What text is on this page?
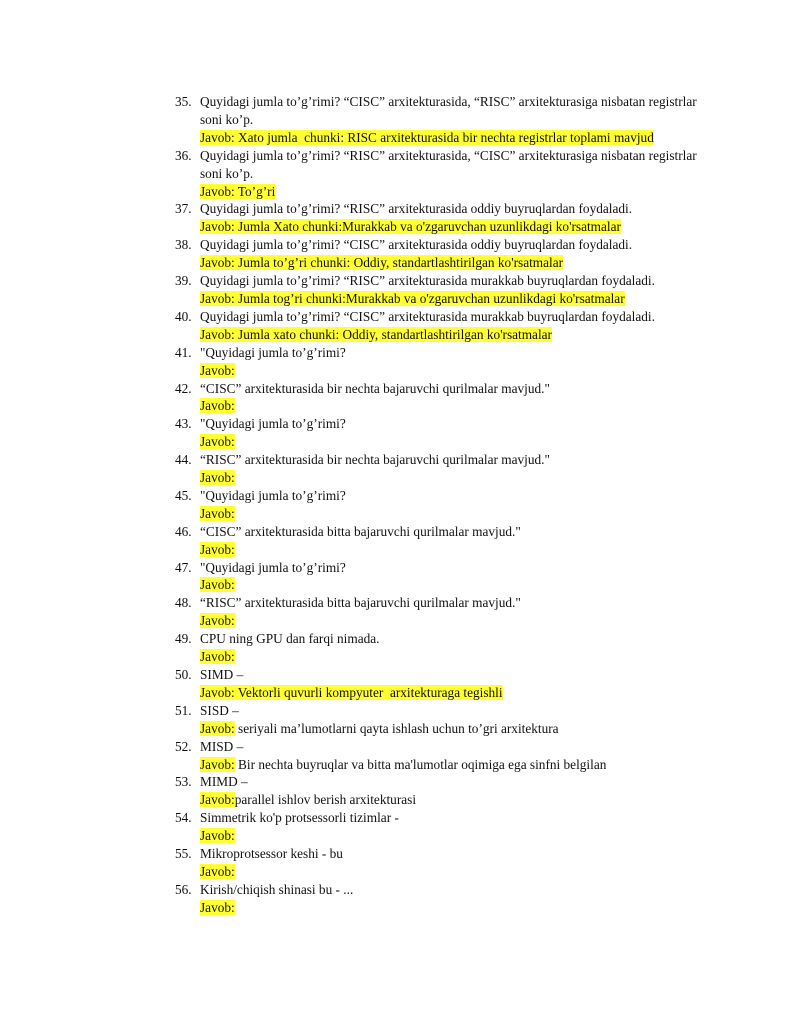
35. Quyidagi jumla to’g’rimi? “CISC” arxitekturasida, “RISC” arxitekturasiga nisbatan registrlar soni ko’p.
Javob: Xato jumla  chunki: RISC arxitekturasida bir nechta registrlar toplami mavjud
36. Quyidagi jumla to’g’rimi? “RISC” arxitekturasida, “CISC” arxitekturasiga nisbatan registrlar soni ko’p.
Javob: To’g’ri
37. Quyidagi jumla to’g’rimi? “RISC” arxitekturasida oddiy buyruqlardan foydaladi.
Javob: Jumla Xato chunki:Murakkab va o'zgaruvchan uzunlikdagi ko'rsatmalar
38. Quyidagi jumla to’g’rimi? “CISC” arxitekturasida oddiy buyruqlardan foydaladi.
Javob: Jumla to’g’ri chunki: Oddiy, standartlashtirilgan ko'rsatmalar
39. Quyidagi jumla to’g’rimi? “RISC” arxitekturasida murakkab buyruqlardan foydaladi.
Javob: Jumla tog’ri chunki:Murakkab va o'zgaruvchan uzunlikdagi ko'rsatmalar
40. Quyidagi jumla to’g’rimi? “CISC” arxitekturasida murakkab buyruqlardan foydaladi.
Javob: Jumla xato chunki: Oddiy, standartlashtirilgan ko'rsatmalar
41. "Quyidagi jumla to’g’rimi?
Javob:
42. “CISC” arxitekturasida bir nechta bajaruvchi qurilmalar mavjud."
Javob:
43. "Quyidagi jumla to’g’rimi?
Javob:
44. “RISC” arxitekturasida bir nechta bajaruvchi qurilmalar mavjud."
Javob:
45. "Quyidagi jumla to’g’rimi?
Javob:
46. “CISC” arxitekturasida bitta bajaruvchi qurilmalar mavjud."
Javob:
47. "Quyidagi jumla to’g’rimi?
Javob:
48. “RISC” arxitekturasida bitta bajaruvchi qurilmalar mavjud."
Javob:
49. CPU ning GPU dan farqi nimada.
Javob:
50. SIMD –
Javob: Vektorli quvurli kompyuter  arxitekturaga tegishli
51. SISD –
Javob: seriyali ma’lumotlarni qayta ishlash uchun to’gri arxitektura
52. MISD –
Javob: Bir nechta buyruqlar va bitta ma'lumotlar oqimiga ega sinfni belgilan
53. MIMD –
Javob:parallel ishlov berish arxitekturasi
54. Simmetrik ko'p protsessorli tizimlar -
Javob:
55. Mikroprotsessor keshi - bu
Javob:
56. Kirish/chiqish shinasi bu - ...
Javob:
